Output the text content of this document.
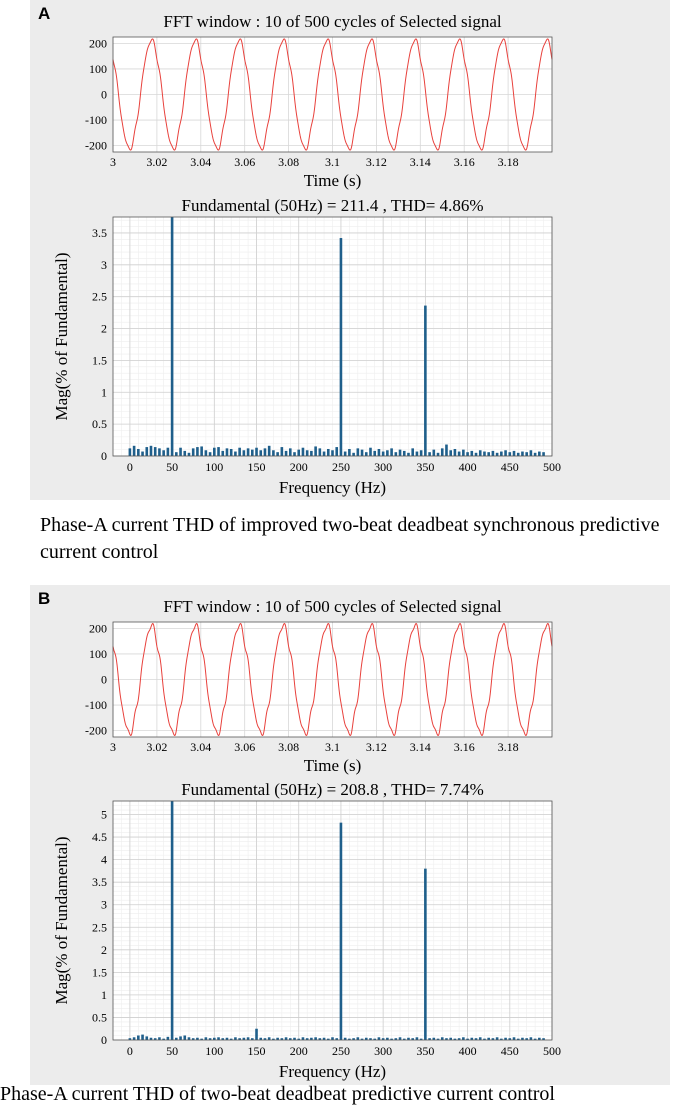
A
Phase-A current THD of improved two-beat deadbeat synchronous predictive current control
B
Phase-A current THD of two-beat deadbeat predictive current control
3	3.02 3.04 3.06 3.08 3.1 3.12 3.14 3.16 3.18
-200
-100
0
100
200
FFT window : 10 of 500 cycles of Selected signal
Time (s)
0	50 100 150 200 250 300 350 400 450 500
0
0.5
1
1.5
2
2.5
3
3.5
Fundamental (50Hz) = 211.4 , THD= 4.86%
Frequency (Hz)
Mag(% of Fundamental)
3	3.02 3.04 3.06 3.08 3.1 3.12 3.14 3.16 3.18
-200
-100
0
100
200
FFT window : 10 of 500 cycles of Selected signal
Time (s)
0	50 100 150 200 250 300 350 400 450 500
0
0.5
1
1.5
2
2.5
3
3.5
4
4.5
5
Fundamental (50Hz) = 208.8 , THD= 7.74%
Frequency (Hz)
Mag(% of Fundamental)
